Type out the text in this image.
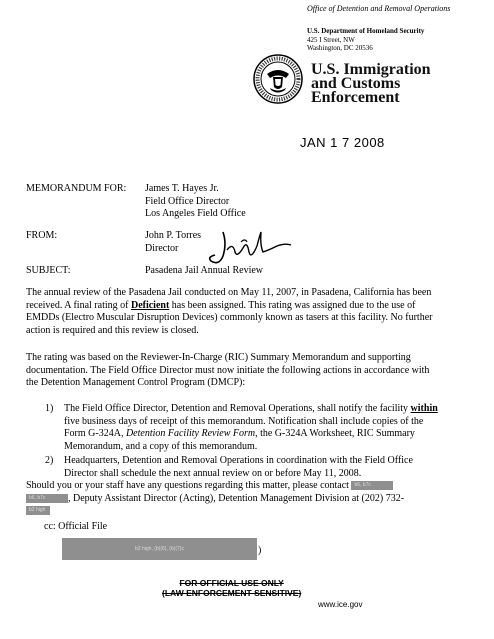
Office of Detention and Removal Operations
U.S. Department of Homeland Security
425 I Street, NW
Washington, DC 20536
U.S. Immigration
and Customs
Enforcement
JAN 1 7 2008
MEMORANDUM FOR: James T. Hayes Jr.
Field Office Director
Los Angeles Field Office
FROM:	John P. Torres
Director
SUBJECT:	Pasadena Jail Annual Review
The annual review of the Pasadena Jail conducted on May 11, 2007, in Pasadena, California has been received. A final rating of Deficient has been assigned. This rating was assigned due to the use of EMDDs (Electro Muscular Disruption Devices) commonly known as tasers at this facility. No further action is required and this review is closed.
The rating was based on the Reviewer-In-Charge (RIC) Summary Memorandum and supporting documentation. The Field Office Director must now initiate the following actions in accordance with the Detention Management Control Program (DMCP):
1) The Field Office Director, Detention and Removal Operations, shall notify the facility within five business days of receipt of this memorandum. Notification shall include copies of the Form G-324A, Detention Facility Review Form, the G-324A Worksheet, RIC Summary Memorandum, and a copy of this memorandum.
2) Headquarters, Detention and Removal Operations in coordination with the Field Office Director shall schedule the next annual review on or before May 11, 2008.
Should you or your staff have any questions regarding this matter, please contact b6, b7c
b6, b7c , Deputy Assistant Director (Acting), Detention Management Division at (202) 732-
b2 high
cc: Official File
b2 high, (b)(6), (b)(7)c	)
FOR OFFICIAL USE ONLY
(LAW ENFORCEMENT SENSITIVE)
www.ice.gov
